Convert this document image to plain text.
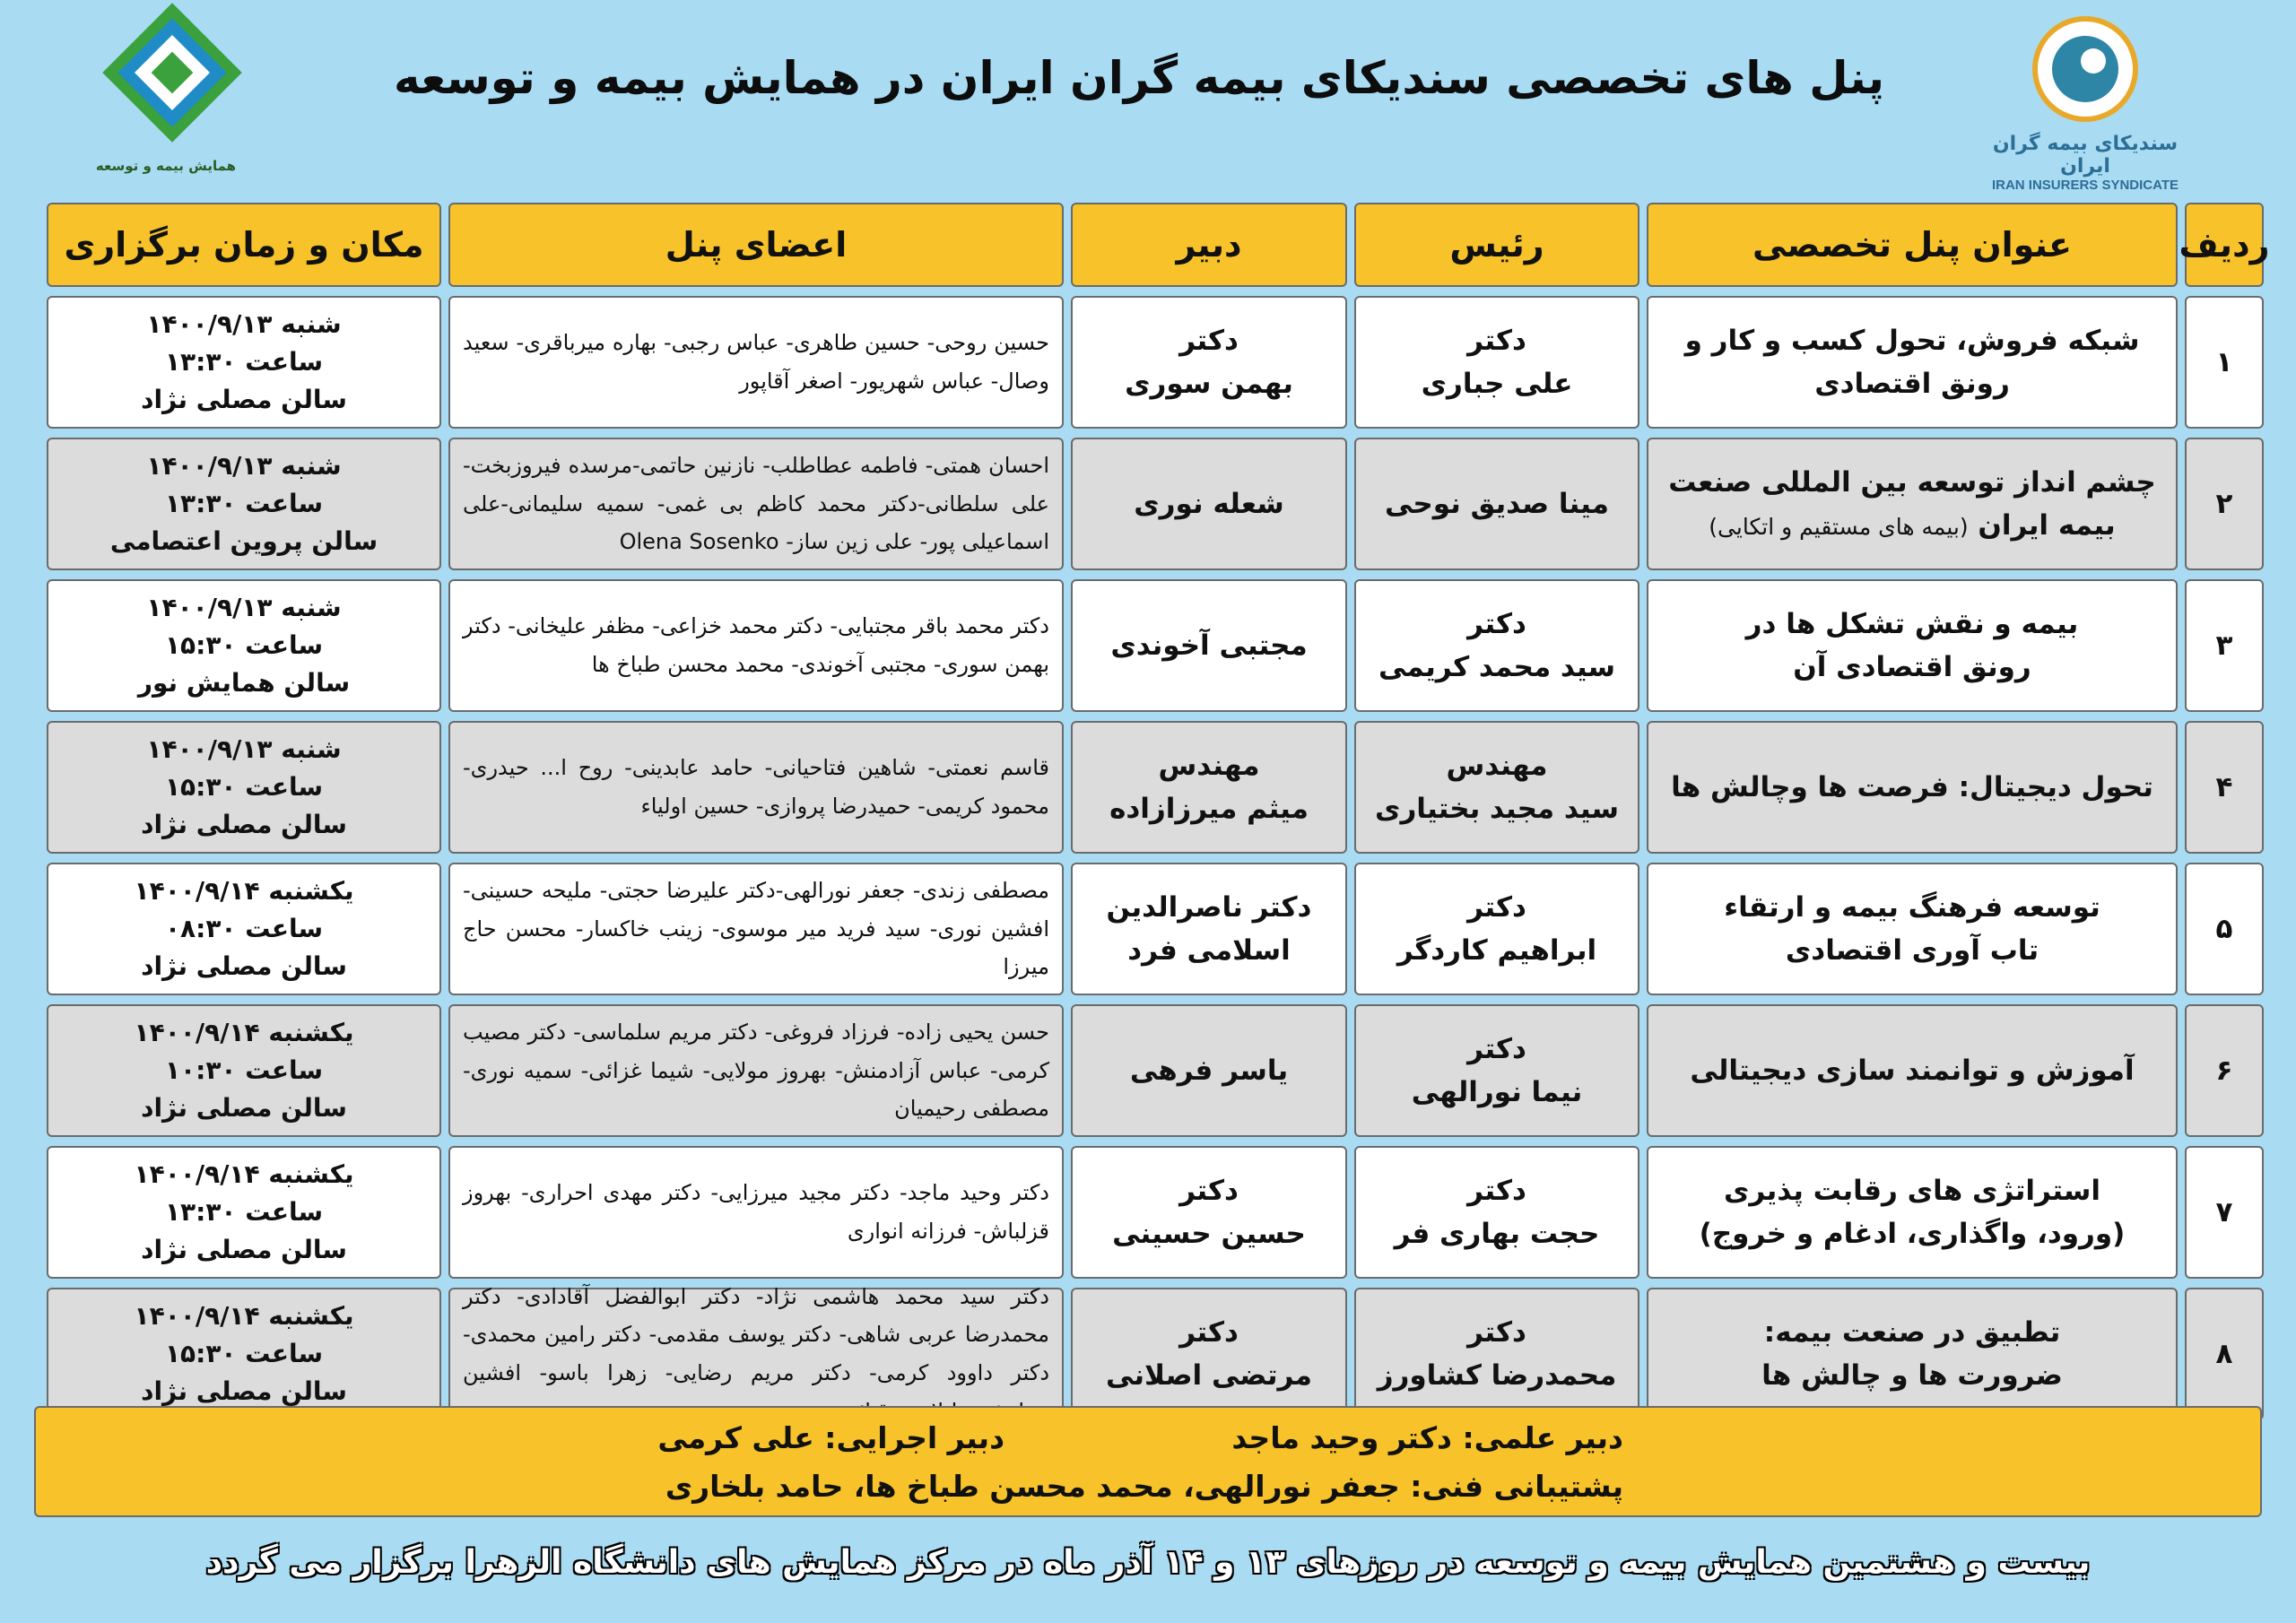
سندیکای بیمه گران ایران
IRAN INSURERS SYNDICATE
همایش بیمه و توسعه
پنل های تخصصی سندیکای بیمه گران ایران در همایش بیمه و توسعه
ردیف
عنوان پنل تخصصی
رئیس
دبیر
اعضای پنل
مکان و زمان برگزاری
۱
شبکه فروش، تحول کسب و کار و
رونق اقتصادی
دکتر
علی جباری
دکتر
بهمن سوری
حسین روحی- حسین طاهری- عباس رجبی- بهاره میرباقری- سعید وصال- عباس شهریور- اصغر آقاپور
شنبه ۱۴۰۰/۹/۱۳
ساعت ۱۳:۳۰
سالن مصلی نژاد
۲
چشم انداز توسعه بین المللی صنعت
بیمه ایران (بیمه های مستقیم و اتکایی)
مینا صدیق نوحی
شعله نوری
احسان همتی- فاطمه عطاطلب- نازنین حاتمی-مرسده فیروزبخت-علی سلطانی-دکتر محمد کاظم بی غمی- سمیه سلیمانی-علی اسماعیلی پور- علی زین ساز- Olena Sosenko
شنبه ۱۴۰۰/۹/۱۳
ساعت ۱۳:۳۰
سالن پروین اعتصامی
۳
بیمه و نقش تشکل ها در
رونق اقتصادی آن
دکتر
سید محمد کریمی
مجتبی آخوندی
دکتر محمد باقر مجتبایی- دکتر محمد خزاعی- مظفر علیخانی- دکتر بهمن سوری- مجتبی آخوندی- محمد محسن طباخ ها
شنبه ۱۴۰۰/۹/۱۳
ساعت ۱۵:۳۰
سالن همایش نور
۴
تحول دیجیتال: فرصت ها وچالش ها
مهندس
سید مجید بختیاری
مهندس
میثم میرزازاده
قاسم نعمتی- شاهین فتاحیانی- حامد عابدینی- روح ا... حیدری- محمود کریمی- حمیدرضا پروازی- حسین اولیاء
شنبه ۱۴۰۰/۹/۱۳
ساعت ۱۵:۳۰
سالن مصلی نژاد
۵
توسعه فرهنگ بیمه و ارتقاء
تاب آوری اقتصادی
دکتر
ابراهیم کاردگر
دکتر ناصرالدین
اسلامی فرد
مصطفی زندی- جعفر نورالهی-دکتر علیرضا حجتی- ملیحه حسینی- افشین نوری- سید فرید میر موسوی- زینب خاکسار- محسن حاج میرزا
یکشنبه ۱۴۰۰/۹/۱۴
ساعت ۰۸:۳۰
سالن مصلی نژاد
۶
آموزش و توانمند سازی دیجیتالی
دکتر
نیما نورالهی
یاسر فرهی
حسن یحیی زاده- فرزاد فروغی- دکتر مریم سلماسی- دکتر مصیب کرمی- عباس آزادمنش- بهروز مولایی- شیما غزائی- سمیه نوری- مصطفی رحیمیان
یکشنبه ۱۴۰۰/۹/۱۴
ساعت ۱۰:۳۰
سالن مصلی نژاد
۷
استراتژی های رقابت پذیری
(ورود، واگذاری، ادغام و خروج)
دکتر
حجت بهاری فر
دکتر
حسین حسینی
دکتر وحید ماجد- دکتر مجید میرزایی- دکتر مهدی احراری- بهروز قزلباش- فرزانه انواری
یکشنبه ۱۴۰۰/۹/۱۴
ساعت ۱۳:۳۰
سالن مصلی نژاد
۸
تطبیق در صنعت بیمه:
ضرورت ها و چالش ها
دکتر
محمدرضا کشاورز
دکتر
مرتضی اصلانی
دکتر سید محمد هاشمی نژاد- دکتر ابوالفضل آقادادی- دکتر محمدرضا عربی شاهی- دکتر یوسف مقدمی- دکتر رامین محمدی- دکتر داوود کرمی- دکتر مریم رضایی- زهرا باسو- افشین
یکشنبه ۱۴۰۰/۹/۱۴
ساعت ۱۵:۳۰
سالن مصلی نژاد
دبیر علمی: دکتر وحید ماجد
دبیر اجرایی: علی کرمی
پشتیبانی فنی: جعفر نورالهی، محمد محسن طباخ ها، حامد بلخاری
بیست و هشتمین همایش بیمه و توسعه در روزهای ۱۳ و ۱۴ آذر ماه در مرکز همایش های دانشگاه الزهرا برگزار می گردد
